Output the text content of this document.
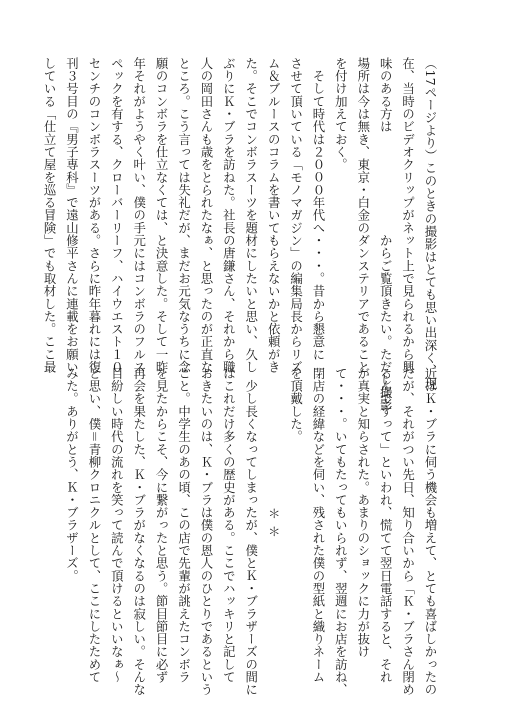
（17ページより）このときの撮影はとても思い出深く、現
在、当時のビデオクリップがネット上で見られるから興
味のある方は　　　　　　　　からご覧頂きたい。ただし撮影
場所は今は無き、東京・白金のダンステリアであること
を付け加えておく。
　そして時代は２０００年代へ・・・。昔から懇意に
させて頂いている「モノマガジン」の編集局長からリズ
ム＆ブルースのコラムを書いてもらえないかと依頼がき
た。そこでコンボラスーツを題材にしたいと思い、久し
ぶりにＫ・ブラを訪ねた。社長の唐鎌さん、それから職
人の岡田さんも歳をとられたなぁ、と思ったのが正直な
ところ。こう言っては失礼だが、まだお元気なうちに念
願のコンボラを仕立なくては、と決意した。そして一昨
年それがようやく叶い、僕の手元にはコンボラのフルス
ペックを有する、クローバーリーフ、ハイウエスト１０
センチのコンボラスーツがある。さらに昨年暮れには復
刊３号目の『男子専科』で遠山修平さんに連載をお願い
している「仕立て屋を巡る冒険」でも取材した。ここ最
近はＫ・ブラに伺う機会も増えて、とても喜ばしかったの
だが、それがつい先日、知り合いから「Ｋ・ブラさん閉め
るんですって」といわれ、慌てて翌日電話すると、それ
が真実と知らされた。あまりのショックに力が抜け
て・・・。いてもたってもいられず、翌週にお店を訪ね、
閉店の経緯などを伺い、残された僕の型紙と織りネーム
を頂戴した。
＊＊
　少し長くなってしまったが、僕とＫ・ブラザーズの間に
はこれだけ多くの歴史がある。ここでハッキリと記して
おきたいのは、Ｋ・ブラは僕の恩人のひとりであるという
こと。中学生のあの頃、この店で先輩が誂えたコンボラ
を見たからこそ、今に繋がったと思う。節目節目に必ず
再会を果たした、Ｋ・ブラがなくなるのは寂しい。そんな
目紛しい時代の流れを笑って読んで頂けるといいなぁ～
と思い、僕＝青柳クロニクルとして、ここにしたためて
みた。ありがとう、Ｋ・ブラザーズ。
